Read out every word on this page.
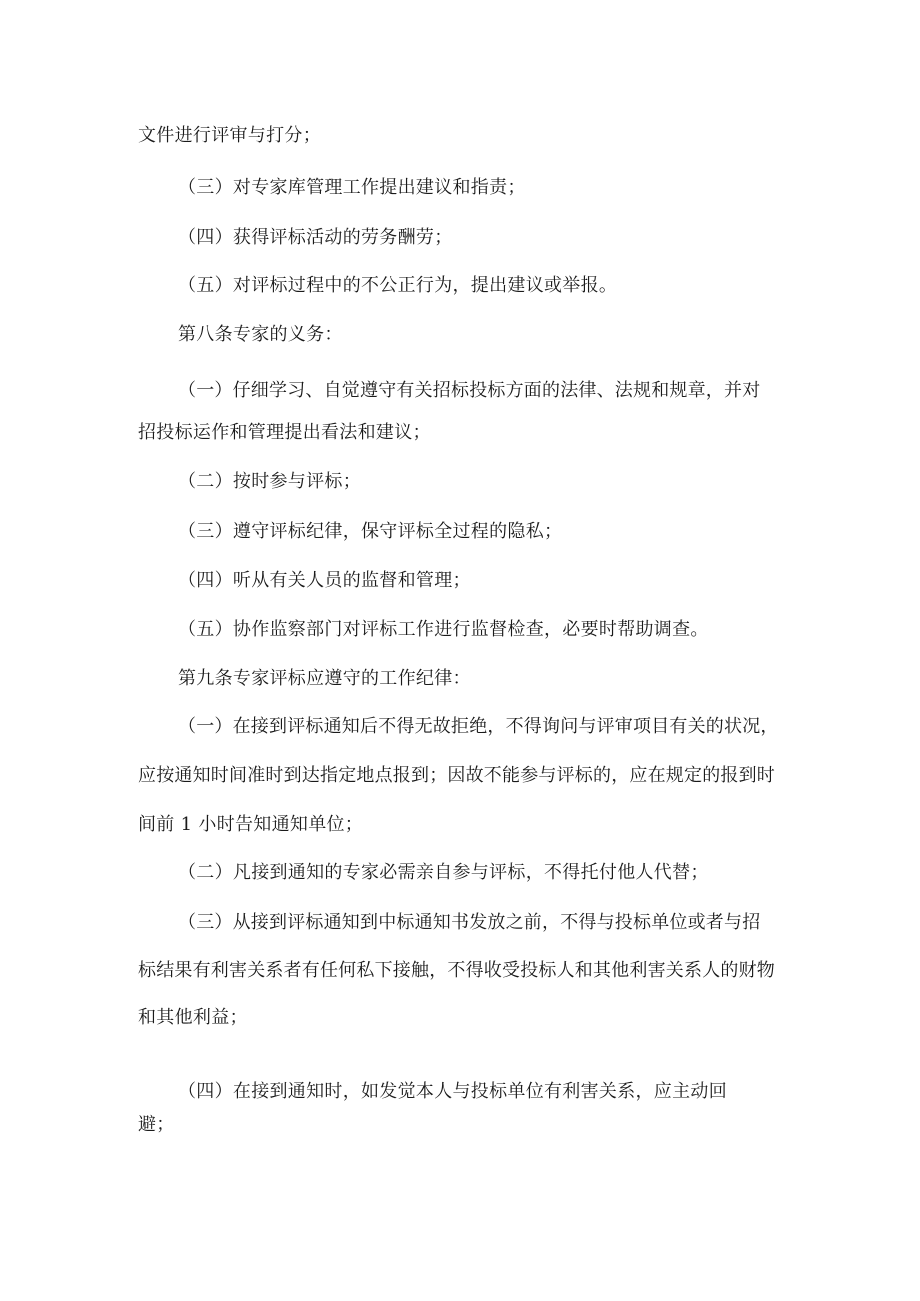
文件进行评审与打分；
（三）对专家库管理工作提出建议和指责；
（四）获得评标活动的劳务酬劳；
（五）对评标过程中的不公正行为，提出建议或举报。
第八条专家的义务：
（一）仔细学习、自觉遵守有关招标投标方面的法律、法规和规章，并对
招投标运作和管理提出看法和建议；
（二）按时参与评标；
（三）遵守评标纪律，保守评标全过程的隐私；
（四）听从有关人员的监督和管理；
（五）协作监察部门对评标工作进行监督检查，必要时帮助调查。
第九条专家评标应遵守的工作纪律：
（一）在接到评标通知后不得无故拒绝，不得询问与评审项目有关的状况，
应按通知时间准时到达指定地点报到；因故不能参与评标的，应在规定的报到时
间前 1 小时告知通知单位；
（二）凡接到通知的专家必需亲自参与评标，不得托付他人代替；
（三）从接到评标通知到中标通知书发放之前，不得与投标单位或者与招
标结果有利害关系者有任何私下接触，不得收受投标人和其他利害关系人的财物
和其他利益；
（四）在接到通知时，如发觉本人与投标单位有利害关系，应主动回
避；
